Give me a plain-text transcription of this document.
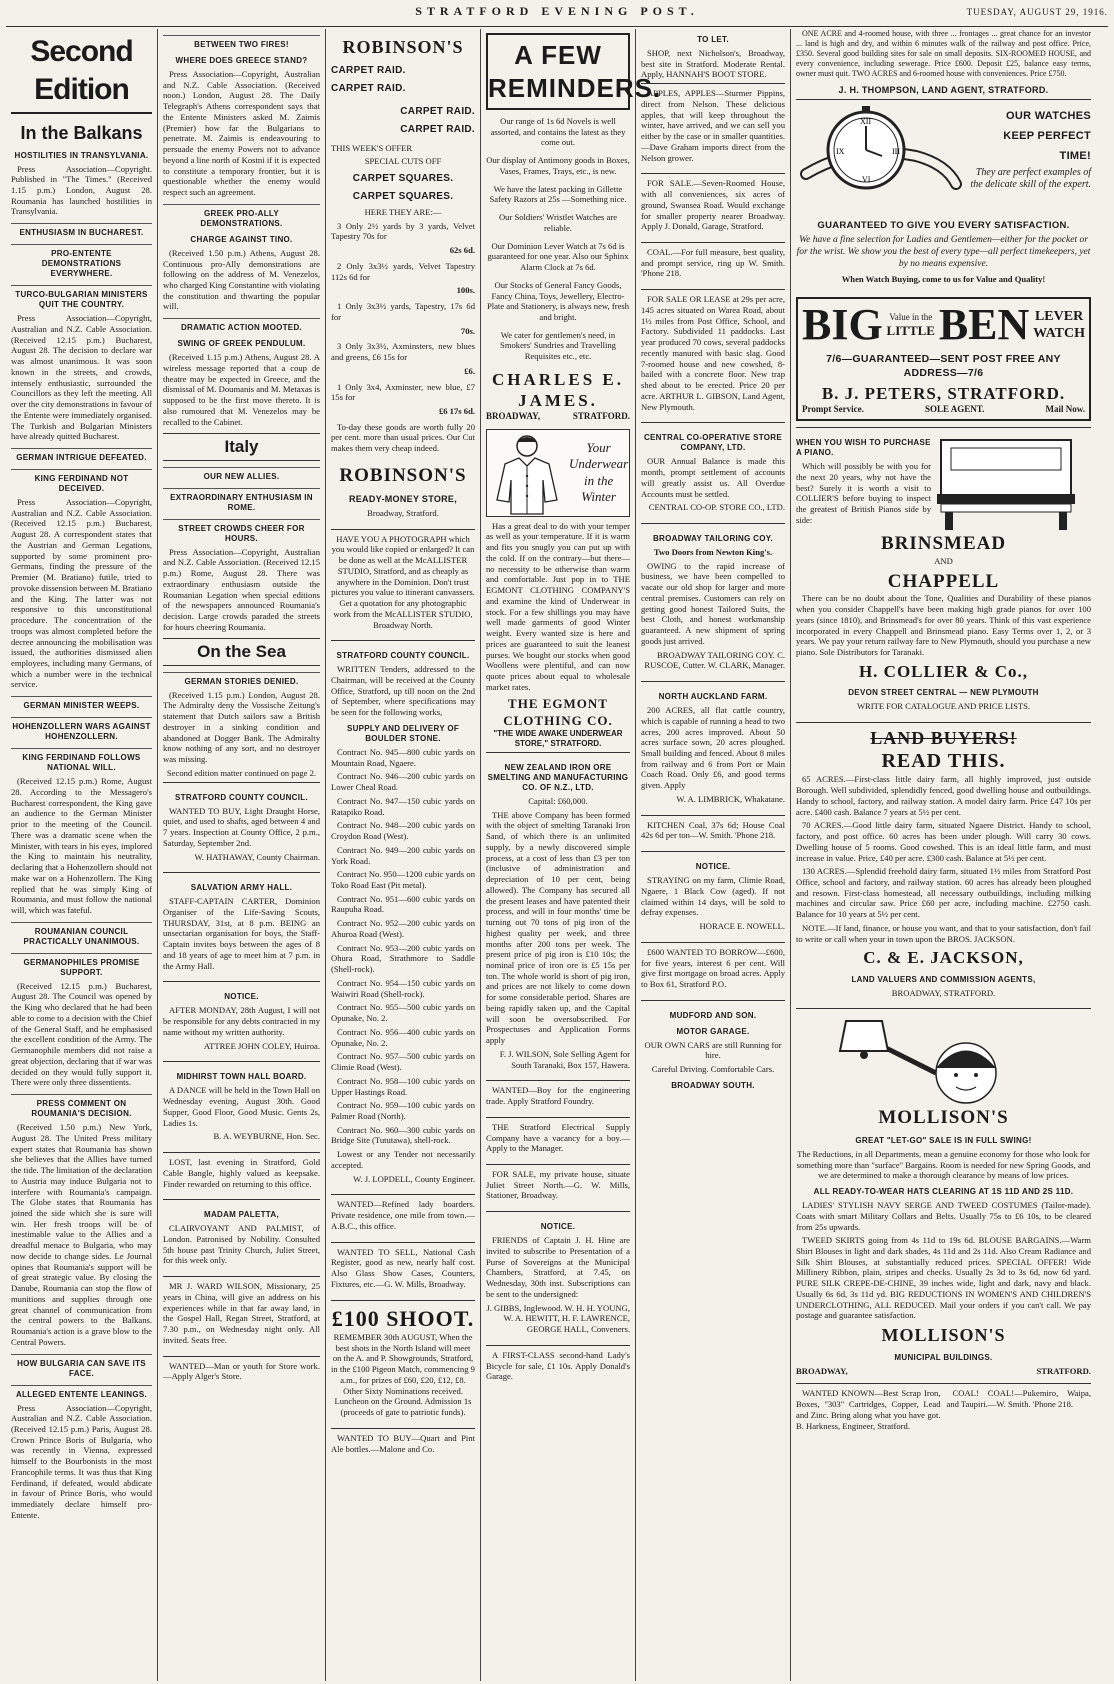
STRATFORD EVENING POST.	TUESDAY, AUGUST 29, 1916.
Second Edition
In the Balkans
HOSTILITIES IN TRANSYLVANIA.

Press Association—Copyright. Published in "The Times." (Received 1.15 p.m.) London, August 28. Roumania has launched hostilities in Transylvania.

ENTHUSIASM IN BUCHAREST.
PRO-ENTENTE DEMONSTRATIONS EVERYWHERE.
TURCO-BULGARIAN MINISTERS QUIT THE COUNTRY.

Press Association—Copyright, Australian and N.Z. Cable Association. (Received 12.15 p.m.) Bucharest, August 28. The decision to declare war was almost unanimous. It was soon known in the streets, and crowds, intensely enthusiastic, surrounded the Councillors as they left the meeting. All over the city demonstrations in favour of the Entente were immediately organised. The Turkish and Bulgarian Ministers have already quitted Bucharest.

GERMAN INTRIGUE DEFEATED.
KING FERDINAND NOT DECEIVED.

Press Association—Copyright, Australian and N.Z. Cable Association. (Received 12.15 p.m.) Bucharest, August 28. A correspondent states that the Austrian and German Legations, supported by some prominent pro-Germans, finding the pressure of the Premier (M. Bratiano) futile, tried to provoke dissension between M. Bratiano and the King. The latter was not responsive to this unconstitutional procedure. The concentration of the troops was almost completed before the decree announcing the mobilisation was issued, the authorities dismissed alien employees, including many Germans, of which a number were in the technical service.

GERMAN MINISTER WEEPS.
HOHENZOLLERN WARS AGAINST HOHENZOLLERN.
KING FERDINAND FOLLOWS NATIONAL WILL.

(Received 12.15 p.m.) Rome, August 28. According to the Messagero's Bucharest correspondent, the King gave an audience to the German Minister prior to the meeting of the Council. There was a dramatic scene when the Minister, with tears in his eyes, implored the King to maintain his neutrality, declaring that a Hohenzollern should not make war on a Hohenzollern. The King replied that he was simply King of Roumania, and must follow the national will, which was fateful.

ROUMANIAN COUNCIL PRACTICALLY UNANIMOUS.
GERMANOPHILES PROMISE SUPPORT.

(Received 12.15 p.m.) Bucharest, August 28. The Council was opened by the King who declared that he had been able to come to a decision with the Chief of the General Staff, and he emphasised the excellent condition of the Army. The Germanophile members did not raise a great objection, declaring that if war was decided on they would fully support it. There were only three dissentients.

PRESS COMMENT ON ROUMANIA'S DECISION.

(Received 1.50 p.m.) New York, August 28. The United Press military expert states that Roumania has shown she believes that the Allies have turned the tide. The limitation of the declaration to Austria may induce Bulgaria not to interfere with Roumania's campaign. The Globe states that Roumania has joined the side which she is sure will win. Her fresh troops will be of inestimable value to the Allies and a dreadful menace to Bulgaria, who may now decide to change sides. Le Journal opines that Roumania's support will be of great strategic value. By closing the Danube, Roumania can stop the flow of munitions and supplies through one great channel of communication from the central powers to the Balkans. Roumania's action is a grave blow to the Central Powers.

HOW BULGARIA CAN SAVE ITS FACE.
ALLEGED ENTENTE LEANINGS.

Press Association—Copyright, Australian and N.Z. Cable Association. (Received 12.15 p.m.) Paris, August 28. Crown Prince Boris of Bulgaria, who was recently in Vienna, expressed himself to the Bourbonists in the most Francophile terms. It was thus that King Ferdinand, if defeated, would abdicate in favour of Prince Boris, who would immediately declare himself pro-Entente.

BETWEEN TWO FIRES!
WHERE DOES GREECE STAND?

Press Association—Copyright, Australian and N.Z. Cable Association. (Received noon.) London, August 28. The Daily Telegraph's Athens correspondent says that the Entente Ministers asked M. Zaimis (Premier) how far the Bulgarians to penetrate. M. Zaimis is endeavouring to persuade the enemy Powers not to advance beyond a line north of Kostni if it is expected to constitute a temporary frontier, but it is questionable whether the enemy would respect such an agreement.

GREEK PRO-ALLY DEMONSTRATIONS.
CHARGE AGAINST TINO.

(Received 1.50 p.m.) Athens, August 28. Continuous pro-Ally demonstrations are following on the address of M. Venezelos, who charged King Constantine with violating the constitution and thwarting the popular will.

DRAMATIC ACTION MOOTED.
SWING OF GREEK PENDULUM.

(Received 1.15 p.m.) Athens, August 28. A wireless message reported that a coup de theatre may be expected in Greece, and the dismissal of M. Doumanis and M. Metaxas is supposed to be the first move thereto. It is also rumoured that M. Venezelos may be recalled to the Cabinet.

Italy
OUR NEW ALLIES.
EXTRAORDINARY ENTHUSIASM IN ROME.
STREET CROWDS CHEER FOR HOURS.

Press Association—Copyright, Australian and N.Z. Cable Association. (Received 12.15 p.m.) Rome, August 28. There was extraordinary enthusiasm outside the Roumanian Legation when special editions of the newspapers announced Roumania's decision. Large crowds paraded the streets for hours cheering Roumania.

On the Sea
GERMAN STORIES DENIED.

(Received 1.15 p.m.) London, August 28. The Admiralty deny the Vossische Zeitung's statement that Dutch sailors saw a British destroyer in a sinking condition and abandoned at Dogger Bank. The Admiralty know nothing of any sort, and no destroyer was missing.

Second edition matter continued on page 2.

STRATFORD COUNTY COUNCIL.

WANTED TO BUY, Light Draught Horse, quiet, and used to shafts, aged between 4 and 7 years. Inspection at County Office, 2 p.m., Saturday, September 2nd.

W. HATHAWAY, County Chairman.

SALVATION ARMY HALL.

STAFF-CAPTAIN CARTER, Dominion Organiser of the Life-Saving Scouts, THURSDAY, 31st, at 8 p.m. BEING an unsectarian organisation for boys, the Staff-Captain invites boys between the ages of 8 and 18 years of age to meet him at 7 p.m. in the Army Hall.

NOTICE.

AFTER MONDAY, 28th August, I will not be responsible for any debts contracted in my name without my written authority.

ATTREE JOHN COLEY, Huiroa.

MIDHIRST TOWN HALL BOARD.

A DANCE will be held in the Town Hall on Wednesday evening, August 30th. Good Supper, Good Floor, Good Music. Gents 2s, Ladies 1s.

B. A. WEYBURNE, Hon. Sec.

LOST, last evening in Stratford, Gold Cable Bangle, highly valued as keepsake. Finder rewarded on returning to this office.

MADAM PALETTA,

CLAIRVOYANT AND PALMIST, of London. Patronised by Nobility. Consulted 5th house past Trinity Church, Juliet Street, for this week only.

MR J. WARD WILSON, Missionary, 25 years in China, will give an address on his experiences while in that far away land, in the Gospel Hall, Regan Street, Stratford, at 7.30 p.m., on Wednesday night only. All invited. Seats free.

WANTED—Man or youth for Store work.—Apply Alger's Store.

ROBINSON'S
CARPET RAID.
CARPET RAID.
CARPET RAID.
CARPET RAID.

THIS WEEK'S OFFER

SPECIAL CUTS OFF

CARPET SQUARES.
CARPET SQUARES.

HERE THEY ARE:—

3 Only 2½ yards by 3 yards, Velvet Tapestry 70s for

62s 6d.

2 Only 3x3½ yards, Velvet Tapestry 112s 6d for

100s.

1 Only 3x3½ yards, Tapestry, 17s 6d for

70s.

3 Only 3x3½, Axminsters, new blues and greens, £6 15s for

£6.

1 Only 3x4, Axminster, new blue, £7 15s for

£6 17s 6d.

To-day these goods are worth fully 20 per cent. more than usual prices. Our Cut makes them very cheap indeed.

ROBINSON'S
READY-MONEY STORE,

Broadway, Stratford.

HAVE YOU A PHOTOGRAPH which you would like copied or enlarged? It can be done as well at the McALLISTER STUDIO, Stratford, and as cheaply as anywhere in the Dominion. Don't trust pictures you value to itinerant canvassers. Get a quotation for any photographic work from the McALLISTER STUDIO, Broadway North.

STRATFORD COUNTY COUNCIL.

WRITTEN Tenders, addressed to the Chairman, will be received at the County Office, Stratford, up till noon on the 2nd of September, where specifications may be seen for the following works,

SUPPLY AND DELIVERY OF BOULDER STONE.

Contract No. 945—800 cubic yards on Mountain Road, Ngaere.

Contract No. 946—200 cubic yards on Lower Cheal Road.

Contract No. 947—150 cubic yards on Ratapiko Road.

Contract No. 948—200 cubic yards on Croydon Road (West).

Contract No. 949—200 cubic yards on York Road.

Contract No. 950—1200 cubic yards on Toko Road East (Pit metal).

Contract No. 951—600 cubic yards on Raupuha Road.

Contract No. 952—200 cubic yards on Ahuroa Road (West).

Contract No. 953—200 cubic yards on Ohura Road, Strathmore to Saddle (Shell-rock).

Contract No. 954—150 cubic yards on Waiwiri Road (Shell-rock).

Contract No. 955—500 cubic yards on Opunake, No. 2.

Contract No. 956—400 cubic yards on Opunake, No. 2.

Contract No. 957—500 cubic yards on Climie Road (West).

Contract No. 958—100 cubic yards on Upper Hastings Road.

Contract No. 959—100 cubic yards on Palmer Road (North).

Contract No. 960—300 cubic yards on Bridge Site (Tututawa), shell-rock.

Lowest or any Tender not necessarily accepted.

W. J. LOPDELL, County Engineer.

WANTED—Refined lady boarders. Private residence, one mile from town.—A.B.C., this office.

WANTED TO SELL, National Cash Register, good as new, nearly half cost. Also Glass Show Cases, Counters, Fixtures, etc.—G. W. Mills, Broadway.

£100 SHOOT.

REMEMBER 30th AUGUST, When the best shots in the North Island will meet on the A. and P. Showgrounds, Stratford, in the £100 Pigeon Match, commencing 9 a.m., for prizes of £60, £20, £12, £8. Other Sixty Nominations received. Luncheon on the Ground. Admission 1s (proceeds of gate to patriotic funds).

WANTED TO BUY—Quart and Pint Ale bottles.—Malone and Co.

A FEW REMINDERS.

Our range of 1s 6d Novels is well assorted, and contains the latest as they come out.

Our display of Antimony goods in Boxes, Vases, Frames, Trays, etc., is new.

We have the latest packing in Gillette Safety Razors at 25s —Something nice.

Our Soldiers' Wristlet Watches are reliable.

Our Dominion Lever Watch at 7s 6d is guaranteed for one year. Also our Sphinx Alarm Clock at 7s 6d.

Our Stocks of General Fancy Goods, Fancy China, Toys, Jewellery, Electro-Plate and Stationery, is always new, fresh and bright.

We cater for gentlemen's need, in Smokers' Sundries and Travelling Requisites etc., etc.

CHARLES E. JAMES.
BROADWAY,	STRATFORD.
Your Underwear in the Winter

Has a great deal to do with your temper as well as your temperature. If it is warm and fits you snugly you can put up with the cold. If on the contrary—but there—no necessity to be otherwise than warm and comfortable. Just pop in to THE EGMONT CLOTHING COMPANY'S and examine the kind of Underwear in stock. For a few shillings you may have well made garments of good Winter weight. Every wanted size is here and prices are guaranteed to suit the leanest purses. We bought our stocks when good Woollens were plentiful, and can now quote prices about equal to wholesale market rates.

THE EGMONT CLOTHING CO.

"THE WIDE AWAKE UNDERWEAR STORE," STRATFORD.

NEW ZEALAND IRON ORE SMELTING AND MANUFACTURING CO. OF N.Z., LTD.

Capital: £60,000.

THE above Company has been formed with the object of smelting Taranaki Iron Sand, of which there is an unlimited supply, by a newly discovered simple process, at a cost of less than £3 per ton (inclusive of administration and depreciation of 10 per cent, being allowed). The Company has secured all the present leases and have patented their process, and will in four months' time be turning out 70 tons of pig iron of the highest quality per week, and three months after 200 tons per week. The present price of pig iron is £10 10s; the nominal price of iron ore is £5 15s per ton. The whole world is short of pig iron, and prices are not likely to come down for some considerable period. Shares are being rapidly taken up, and the Capital will soon be oversubscribed. For Prospectuses and Application Forms apply

F. J. WILSON, Sole Selling Agent for South Taranaki, Box 157, Hawera.

WANTED—Boy for the engineering trade. Apply Stratford Foundry.

THE Stratford Electrical Supply Company have a vacancy for a boy.—Apply to the Manager.

FOR SALE, my private house, situate Juliet Street North.—G. W. Mills, Stationer, Broadway.

NOTICE.

FRIENDS of Captain J. H. Hine are invited to subscribe to Presentation of a Purse of Sovereigns at the Municipal Chambers, Stratford, at 7.45, on Wednesday, 30th inst. Subscriptions can be sent to the undersigned:

J. GIBBS, Inglewood. W. H. H. YOUNG, W. A. HEWITT, H. F. LAWRENCE, GEORGE HALL, Conveners.

A FIRST-CLASS second-hand Lady's Bicycle for sale, £1 10s. Apply Donald's Garage.

TO LET.

SHOP, next Nicholson's, Broadway, best site in Stratford. Moderate Rental. Apply, HANNAH'S BOOT STORE.

APPLES, APPLES—Sturmer Pippins, direct from Nelson. These delicious apples, that will keep throughout the winter, have arrived, and we can sell you either by the case or in smaller quantities.—Dave Graham imports direct from the Nelson grower.

FOR SALE.—Seven-Roomed House, with all conveniences, six acres of ground, Swansea Road. Would exchange for smaller property nearer Broadway. Apply J. Donald, Garage, Stratford.

COAL.—For full measure, best quality, and prompt service, ring up W. Smith. 'Phone 218.

FOR SALE OR LEASE at 29s per acre, 145 acres situated on Warea Road, about 1½ miles from Post Office, School, and Factory. Subdivided 11 paddocks. Last year produced 70 cows, several paddocks recently manured with basic slag. Good 7-roomed house and new cowshed, 8-bailed with a concrete floor. New trap shed about to be erected. Price 20 per acre. ARTHUR L. GIBSON, Land Agent, New Plymouth.

CENTRAL CO-OPERATIVE STORE COMPANY, LTD.

OUR Annual Balance is made this month, prompt settlement of accounts will greatly assist us. All Overdue Accounts must be settled.

CENTRAL CO-OP. STORE CO., LTD.

BROADWAY TAILORING COY.

Two Doors from Newton King's.

OWING to the rapid increase of business, we have been compelled to vacate our old shop for larger and more central premises. Customers can rely on getting good honest Tailored Suits, the best Cloth, and honest workmanship guaranteed. A new shipment of spring goods just arrived.

BROADWAY TAILORING COY. C. RUSCOE, Cutter. W. CLARK, Manager.

NORTH AUCKLAND FARM.

200 ACRES, all flat cattle country, which is capable of running a head to two acres, 200 acres improved. About 50 acres surface sown, 20 acres ploughed. Small building and fenced. About 8 miles from railway and 6 from Port or Main Coach Road. Only £6, and good terms given. Apply

W. A. LIMBRICK, Whakatane.

KITCHEN Coal, 37s 6d; House Coal 42s 6d per ton—W. Smith. 'Phone 218.

NOTICE.

STRAYING on my farm, Climie Road, Ngaere, 1 Black Cow (aged). If not claimed within 14 days, will be sold to defray expenses.

HORACE E. NOWELL.

£600 WANTED TO BORROW—£600, for five years, interest 6 per cent. Will give first mortgage on broad acres. Apply to Box 61, Stratford P.O.

MUDFORD AND SON.
MOTOR GARAGE.

OUR OWN CARS are still Running for hire.

Careful Driving. Comfortable Cars.

BROADWAY SOUTH.

ONE ACRE and 4-roomed house, with three ... frontages ... great chance for an investor ... land is high and dry, and within 6 minutes walk of the railway and post office. Price, £350. Several good building sites for sale on small deposits. SIX-ROOMED HOUSE, and every convenience, including sewerage. Price £600. Deposit £25, balance easy terms, owner must quit. TWO ACRES and 6-roomed house with conveniences. Price £750.

J. H. THOMPSON, LAND AGENT, STRATFORD.
XII
III
VI
IX
OUR WATCHES
KEEP PERFECT
TIME!

They are perfect examples of the delicate skill of the expert.

GUARANTEED TO GIVE YOU EVERY SATISFACTION.

We have a fine selection for Ladies and Gentlemen—either for the pocket or for the wrist. We show you the best of every type—all perfect timekeepers, yet by no means expensive.

When Watch Buying, come to us for Value and Quality!

BIG Value in the
LITTLE BEN LEVER
WATCH
7/6—GUARANTEED—SENT POST FREE ANY ADDRESS—7/6
B. J. PETERS, STRATFORD.
Prompt Service.	SOLE AGENT.	Mail Now.
WHEN YOU WISH TO PURCHASE A PIANO.

Which will possibly be with you for the next 20 years, why not have the best? Surely it is worth a visit to COLLIER'S before buying to inspect the greatest of British Pianos side by side:

BRINSMEAD

AND

CHAPPELL

There can be no doubt about the Tone, Qualities and Durability of these pianos when you consider Chappell's have been making high grade pianos for over 100 years (since 1810), and Brinsmead's for over 80 years. Think of this vast experience incorporated in every Chappell and Brinsmead piano. Easy Terms over 1, 2, or 3 years. We pay your return railway fare to New Plymouth, should you purchase a new piano. Sole Distributors for Taranaki.

H. COLLIER & Co.,
DEVON STREET CENTRAL — NEW PLYMOUTH

WRITE FOR CATALOGUE AND PRICE LISTS.

LAND BUYERS!
READ THIS.

65 ACRES.—First-class little dairy farm, all highly improved, just outside Borough. Well subdivided, splendidly fenced, good dwelling house and outbuildings. Handy to school, factory, and railway station. A model dairy farm. Price £47 10s per acre. £400 cash. Balance 7 years at 5½ per cent.

70 ACRES.—Good little dairy farm, situated Ngaere District. Handy to school, factory, and post office. 60 acres has been under plough. Will carry 30 cows. Dwelling house of 5 rooms. Good cowshed. This is an ideal little farm, and must increase in value. Price, £40 per acre. £300 cash. Balance at 5½ per cent.

130 ACRES.—Splendid freehold dairy farm, situated 1½ miles from Stratford Post Office, school and factory, and railway station. 60 acres has already been ploughed and resown. First-class homestead, all necessary outbuildings, including milking machines and circular saw. Price £60 per acre, including machine. £2750 cash. Balance for 10 years at 5½ per cent.

NOTE.—If land, finance, or house you want, and that to your satisfaction, don't fail to write or call when your in town upon the BROS. JACKSON.

C. & E. JACKSON,
LAND VALUERS AND COMMISSION AGENTS,

BROADWAY, STRATFORD.

MOLLISON'S
GREAT "LET-GO" SALE IS IN FULL SWING!

The Reductions, in all Departments, mean a genuine economy for those who look for something more than "surface" Bargains. Room is needed for new Spring Goods, and we are determined to make a thorough clearance by means of low prices.

ALL READY-TO-WEAR HATS CLEARING AT 1S 11D AND 2S 11D.

LADIES' STYLISH NAVY SERGE AND TWEED COSTUMES (Tailor-made). Coats with smart Military Collars and Belts. Usually 75s to £6 10s, to be cleared from 25s upwards.

TWEED SKIRTS going from 4s 11d to 19s 6d. BLOUSE BARGAINS.—Warm Shirt Blouses in light and dark shades, 4s 11d and 2s 11d. Also Cream Radiance and Silk Shirt Blouses, at substantially reduced prices. SPECIAL OFFER! Wide Millinery Ribbon, plain, stripes and checks. Usually 2s 3d to 3s 6d, now 6d yard. PURE SILK CREPE-DE-CHINE, 39 inches wide, light and dark, navy and black. Usually 6s 6d, 3s 11d yd. BIG REDUCTIONS IN WOMEN'S AND CHILDREN'S UNDERCLOTHING, ALL REDUCED. Mail your orders if you can't call. We pay postage and guarantee satisfaction.

MOLLISON'S
MUNICIPAL BUILDINGS.
BROADWAY,	STRATFORD.

WANTED KNOWN—Best Scrap Iron, Boxes, "303" Cartridges, Copper, Lead and Zinc. Bring along what you have got. B. Harkness, Engineer, Stratford.

COAL! COAL!—Pukemiro, Waipa, and Taupiri.—W. Smith. 'Phone 218.
